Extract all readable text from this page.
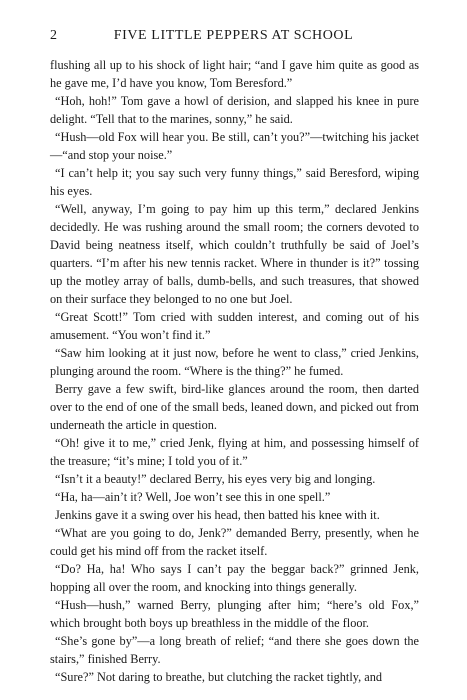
2	FIVE LITTLE PEPPERS AT SCHOOL

flushing all up to his shock of light hair; “and I gave him quite as good as he gave me, I’d have you know, Tom Beresford.”

“Hoh, hoh!” Tom gave a howl of derision, and slapped his knee in pure delight. “Tell that to the marines, sonny,” he said.

“Hush—old Fox will hear you. Be still, can’t you?”—twitching his jacket—“and stop your noise.”

“I can’t help it; you say such very funny things,” said Beresford, wiping his eyes.

“Well, anyway, I’m going to pay him up this term,” declared Jenkins decidedly. He was rushing around the small room; the corners devoted to David being neatness itself, which couldn’t truthfully be said of Joel’s quarters. “I’m after his new tennis racket. Where in thunder is it?” tossing up the motley array of balls, dumb-bells, and such treasures, that showed on their surface they belonged to no one but Joel.

“Great Scott!” Tom cried with sudden interest, and coming out of his amusement. “You won’t find it.”

“Saw him looking at it just now, before he went to class,” cried Jenkins, plunging around the room. “Where is the thing?” he fumed.

Berry gave a few swift, bird-like glances around the room, then darted over to the end of one of the small beds, leaned down, and picked out from underneath the article in question.

“Oh! give it to me,” cried Jenk, flying at him, and possessing himself of the treasure; “it’s mine; I told you of it.”

“Isn’t it a beauty!” declared Berry, his eyes very big and longing.

“Ha, ha—ain’t it? Well, Joe won’t see this in one spell.”

Jenkins gave it a swing over his head, then batted his knee with it.

“What are you going to do, Jenk?” demanded Berry, presently, when he could get his mind off from the racket itself.

“Do? Ha, ha! Who says I can’t pay the beggar back?” grinned Jenk, hopping all over the room, and knocking into things generally.

“Hush—hush,” warned Berry, plunging after him; “here’s old Fox,” which brought both boys up breathless in the middle of the floor.

“She’s gone by”—a long breath of relief; “and there she goes down the stairs,” finished Berry.

“Sure?” Not daring to breathe, but clutching the racket tightly, and
